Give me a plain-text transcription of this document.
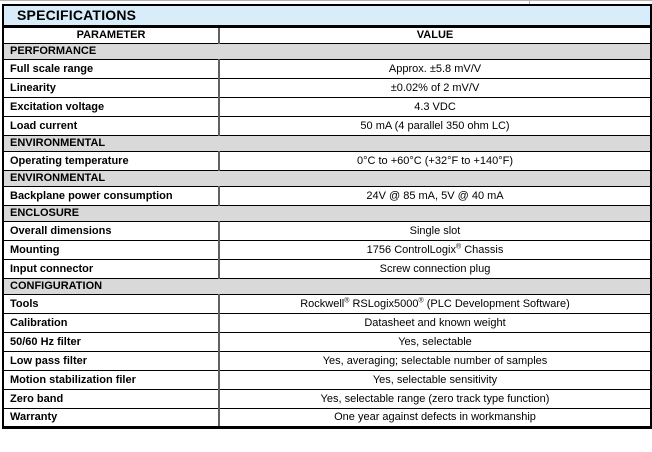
SPECIFICATIONS	
PARAMETER	VALUE
PERFORMANCE	
Full scale range	Approx. ±5.8 mV/V
Linearity	±0.02% of 2 mV/V
Excitation voltage	4.3 VDC
Load current	50 mA (4 parallel 350 ohm LC)
ENVIRONMENTAL	
Operating temperature	0°C to +60°C (+32°F to +140°F)
ENVIRONMENTAL	
Backplane power consumption	24V @ 85 mA, 5V @ 40 mA
ENCLOSURE	
Overall dimensions	Single slot
Mounting	1756 ControlLogix® Chassis
Input connector	Screw connection plug
CONFIGURATION	
Tools	Rockwell® RSLogix5000® (PLC Development Software)
Calibration	Datasheet and known weight
50/60 Hz filter	Yes, selectable
Low pass filter	Yes, averaging; selectable number of samples
Motion stabilization filer	Yes, selectable sensitivity
Zero band	Yes, selectable range (zero track type function)
Warranty	One year against defects in workmanship
